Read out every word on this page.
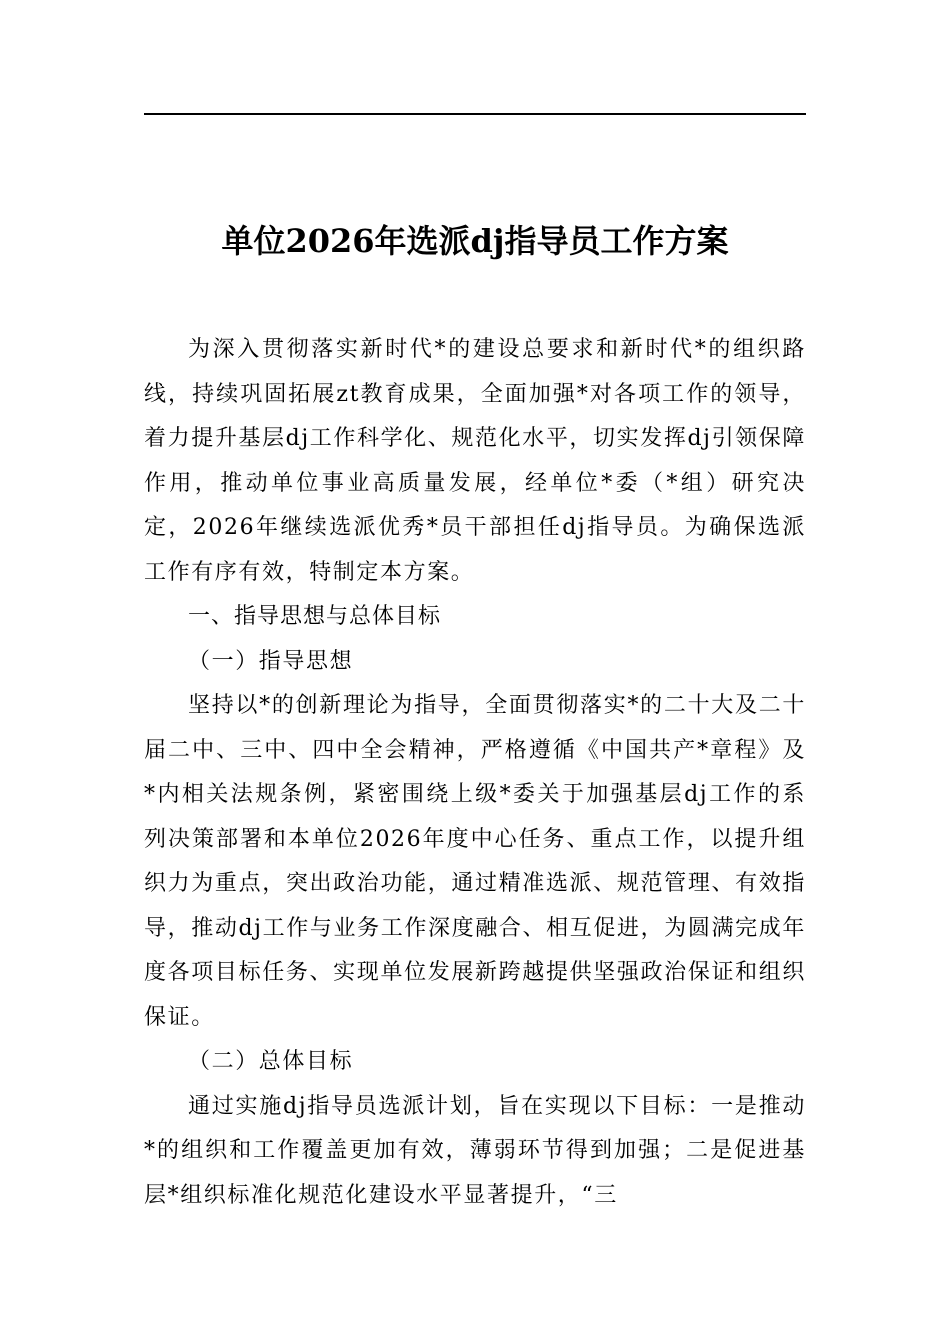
单位2026年选派dj指导员工作方案

为深入贯彻落实新时代*的建设总要求和新时代*的组织路线，持续巩固拓展zt教育成果，全面加强*对各项工作的领导，着力提升基层dj工作科学化、规范化水平，切实发挥dj引领保障作用，推动单位事业高质量发展，经单位*委（*组）研究决定，2026年继续选派优秀*员干部担任dj指导员。为确保选派工作有序有效，特制定本方案。

一、指导思想与总体目标

（一）指导思想

坚持以*的创新理论为指导，全面贯彻落实*的二十大及二十届二中、三中、四中全会精神，严格遵循《中国共产*章程》及*内相关法规条例，紧密围绕上级*委关于加强基层dj工作的系列决策部署和本单位2026年度中心任务、重点工作，以提升组织力为重点，突出政治功能，通过精准选派、规范管理、有效指导，推动dj工作与业务工作深度融合、相互促进，为圆满完成年度各项目标任务、实现单位发展新跨越提供坚强政治保证和组织保证。

（二）总体目标

通过实施dj指导员选派计划，旨在实现以下目标：一是推动*的组织和工作覆盖更加有效，薄弱环节得到加强；二是促进基层*组织标准化规范化建设水平显著提升，“三
